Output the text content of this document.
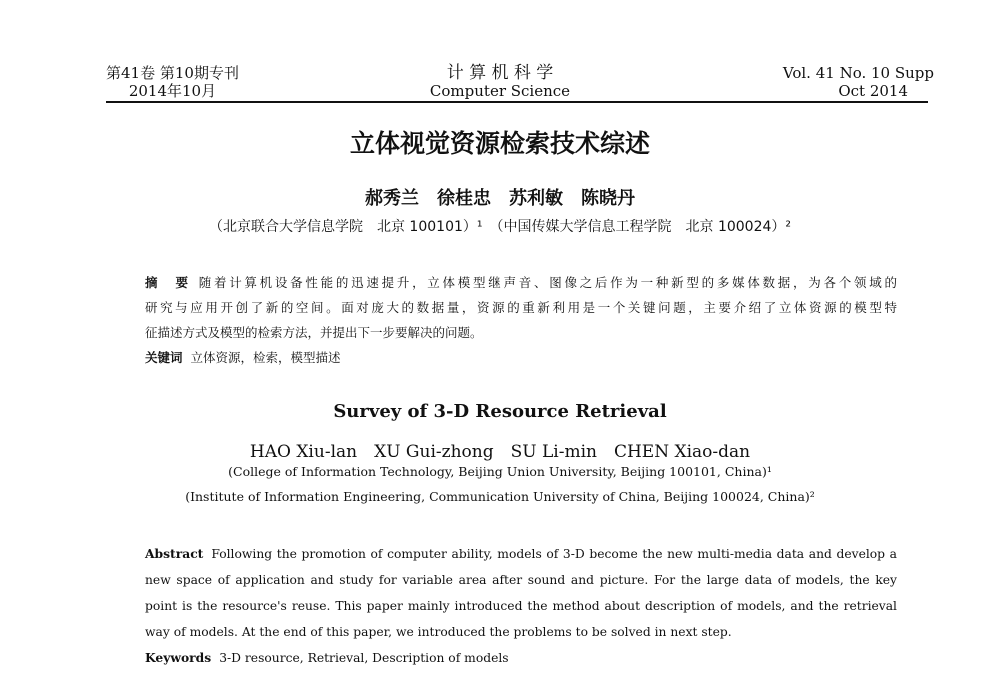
第41卷 第10期专刊
2014年10月
计 算 机 科 学
Computer Science
Vol. 41 No. 10 Supp
Oct 2014
立体视觉资源检索技术综述
郝秀兰　徐桂忠　苏利敏　陈晓丹
（北京联合大学信息学院　北京 100101）¹　（中国传媒大学信息工程学院　北京 100024）²
摘　要 随着计算机设备性能的迅速提升，立体模型继声音、图像之后作为一种新型的多媒体数据，为各个领域的
研究与应用开创了新的空间。面对庞大的数据量，资源的重新利用是一个关键问题，主要介绍了立体资源的模型特
征描述方式及模型的检索方法，并提出下一步要解决的问题。
关键词 立体资源，检索，模型描述
Survey of 3-D Resource Retrieval
HAO Xiu-lan　XU Gui-zhong　SU Li-min　CHEN Xiao-dan
(College of Information Technology, Beijing Union University, Beijing 100101, China)¹
(Institute of Information Engineering, Communication University of China, Beijing 100024, China)²
Abstract Following the promotion of computer ability, models of 3-D become the new multi-media data and develop a
new space of application and study for variable area after sound and picture. For the large data of models, the key
point is the resource's reuse. This paper mainly introduced the method about description of models, and the retrieval
way of models. At the end of this paper, we introduced the problems to be solved in next step.
Keywords 3-D resource, Retrieval, Description of models
